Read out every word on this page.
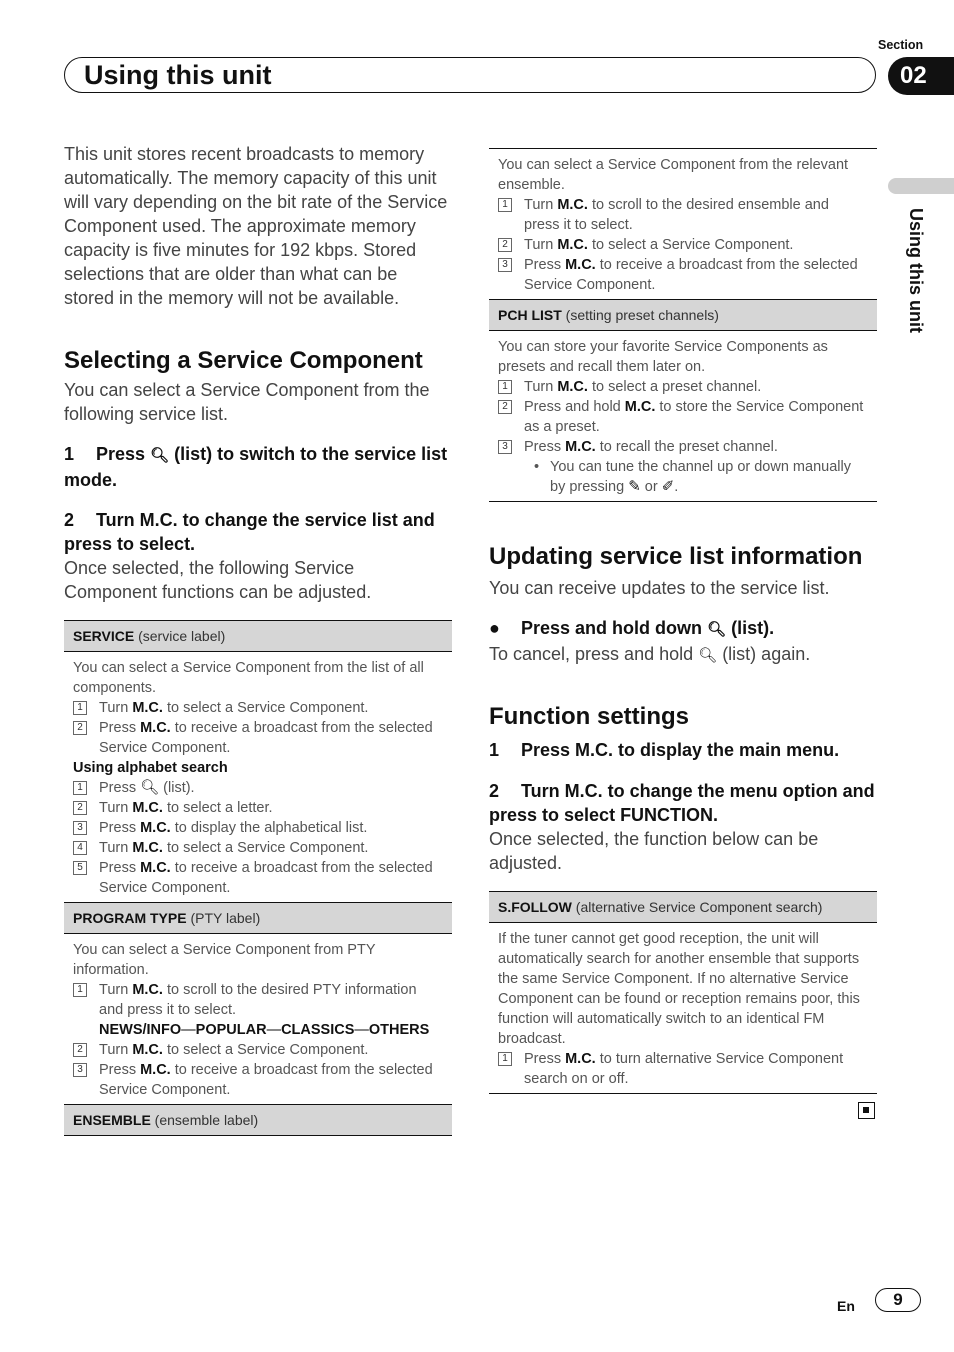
Section
Using this unit	02
Using this unit

This unit stores recent broadcasts to memory automatically. The memory capacity of this unit will vary depending on the bit rate of the Service Component used. The approximate memory capacity is five minutes for 192 kbps. Stored selections that are older than what can be stored in the memory will not be available.

Selecting a Service Component

You can select a Service Component from the following service list.

1 Press 🔍︎ (list) to switch to the service list mode.

2 Turn M.C. to change the service list and press to select.

Once selected, the following Service Component functions can be adjusted.

SERVICE (service label)
You can select a Service Component from the list of all components.
1 Turn M.C. to select a Service Component.
2 Press M.C. to receive a broadcast from the selected Service Component.
Using alphabet search
1 Press 🔍︎ (list).
2 Turn M.C. to select a letter.
3 Press M.C. to display the alphabetical list.
4 Turn M.C. to select a Service Component.
5 Press M.C. to receive a broadcast from the selected Service Component.
PROGRAM TYPE (PTY label)
You can select a Service Component from PTY information.
1 Turn M.C. to scroll to the desired PTY information and press it to select.
NEWS/INFO—POPULAR—CLASSICS—OTHERS
2 Turn M.C. to select a Service Component.
3 Press M.C. to receive a broadcast from the selected Service Component.
ENSEMBLE (ensemble label)
You can select a Service Component from the relevant ensemble.
1 Turn M.C. to scroll to the desired ensemble and press it to select.
2 Turn M.C. to select a Service Component.
3 Press M.C. to receive a broadcast from the selected Service Component.
PCH LIST (setting preset channels)
You can store your favorite Service Components as presets and recall them later on.
1 Turn M.C. to select a preset channel.
2 Press and hold M.C. to store the Service Component as a preset.
3 Press M.C. to recall the preset channel.
• You can tune the channel up or down manually by pressing ✎ or ✐.
Updating service list information

You can receive updates to the service list.

● Press and hold down 🔍︎ (list).

To cancel, press and hold 🔍︎ (list) again.

Function settings

1 Press M.C. to display the main menu.

2 Turn M.C. to change the menu option and press to select FUNCTION.

Once selected, the function below can be adjusted.

S.FOLLOW (alternative Service Component search)
If the tuner cannot get good reception, the unit will automatically search for another ensemble that supports the same Service Component. If no alternative Service Component can be found or reception remains poor, this function will automatically switch to an identical FM broadcast.
1 Press M.C. to turn alternative Service Component search on or off.
En	9
